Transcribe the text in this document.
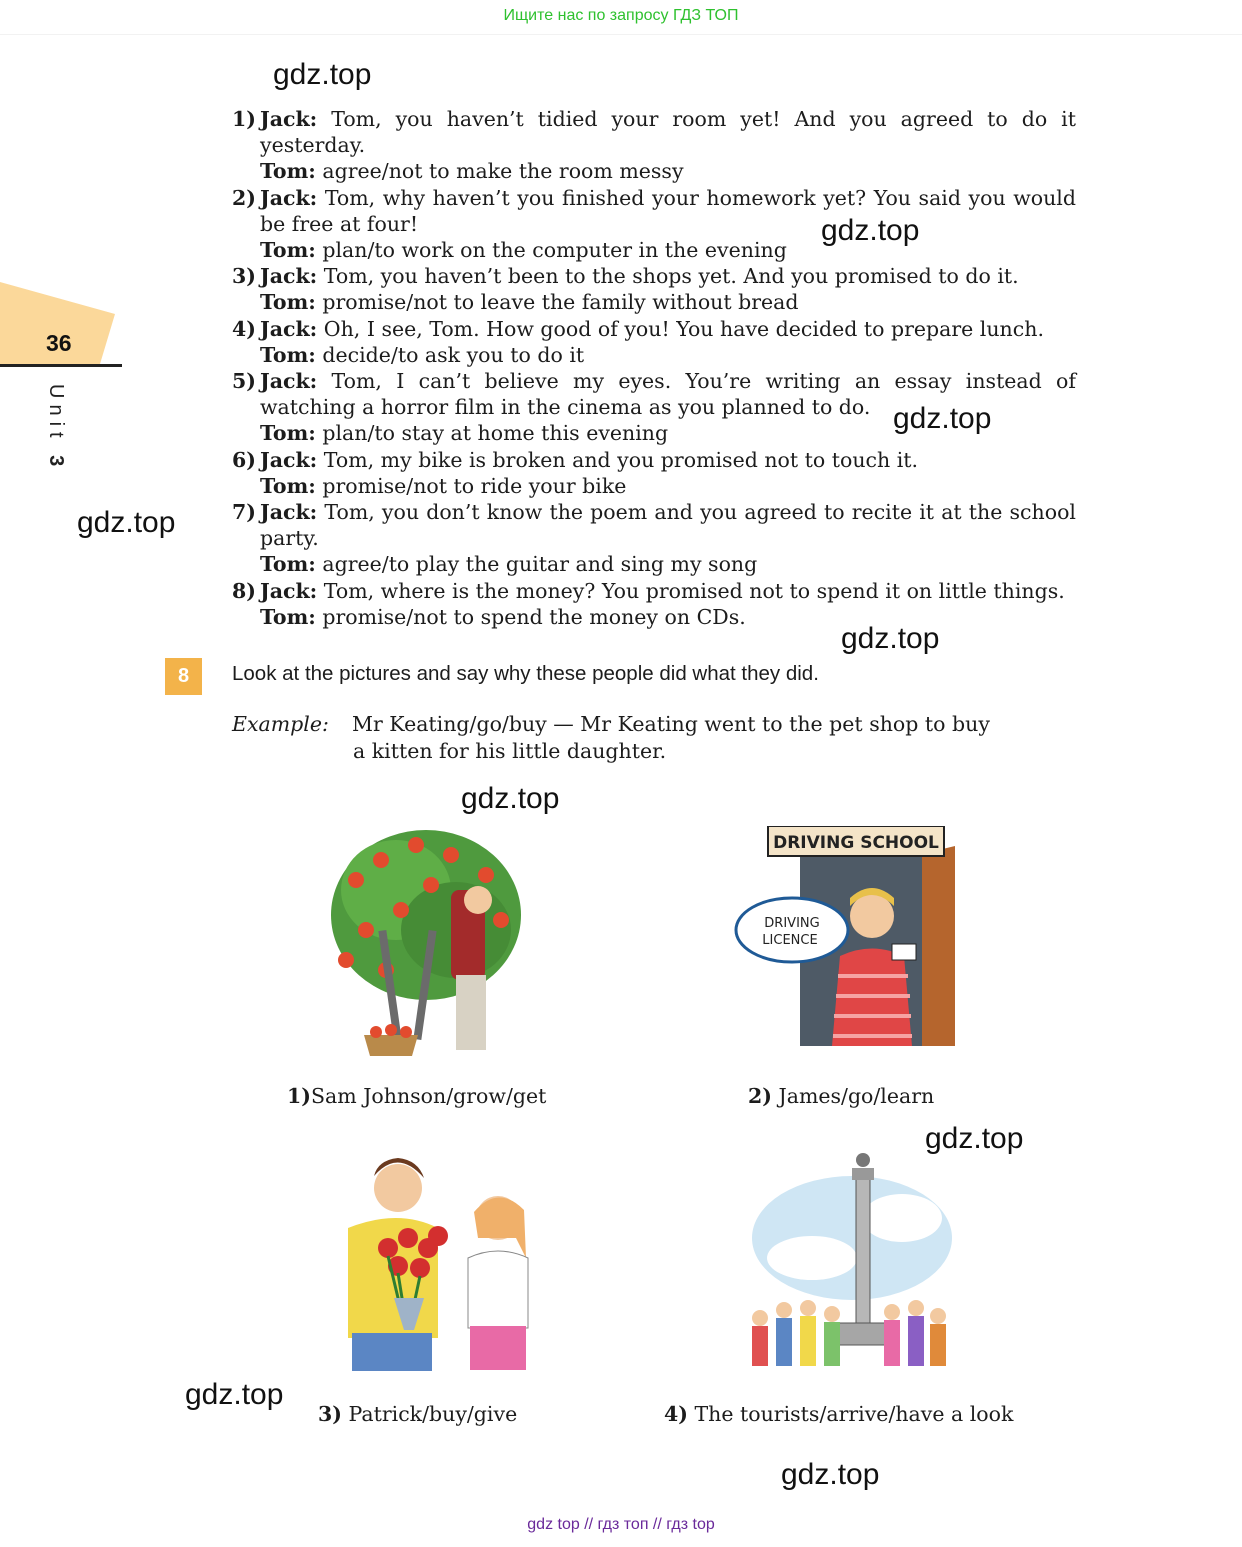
Ищите нас по запросу ГДЗ ТОП
36
Unit 3
1) Jack: Tom, you haven’t tidied your room yet! And you agreed to do it yesterday.
Tom: agree/not to make the room messy
2) Jack: Tom, why haven’t you finished your homework yet? You said you would be free at four!
Tom: plan/to work on the computer in the evening
3) Jack: Tom, you haven’t been to the shops yet. And you promised to do it.
Tom: promise/not to leave the family without bread
4) Jack: Oh, I see, Tom. How good of you! You have decided to prepare lunch.
Tom: decide/to ask you to do it
5) Jack: Tom, I can’t believe my eyes. You’re writing an essay instead of watching a horror film in the cinema as you planned to do.
Tom: plan/to stay at home this evening
6) Jack: Tom, my bike is broken and you promised not to touch it.
Tom: promise/not to ride your bike
7) Jack: Tom, you don’t know the poem and you agreed to recite it at the school party.
Tom: agree/to play the guitar and sing my song
8) Jack: Tom, where is the money? You promised not to spend it on little things.
Tom: promise/not to spend the money on CDs.
8	Look at the pictures and say why these people did what they did.
Example: Mr Keating/go/buy — Mr Keating went to the pet shop to buy
a kitten for his little daughter.
1)Sam Johnson/grow/get
DRIVING SCHOOL
DRIVING
LICENCE
2) James/go/learn
3) Patrick/buy/give	4) The tourists/arrive/have a look
gdz.top
gdz.top
gdz.top
gdz.top
gdz.top
gdz.top
gdz.top
gdz.top
gdz.top
gdz top // гдз топ // гдз top
